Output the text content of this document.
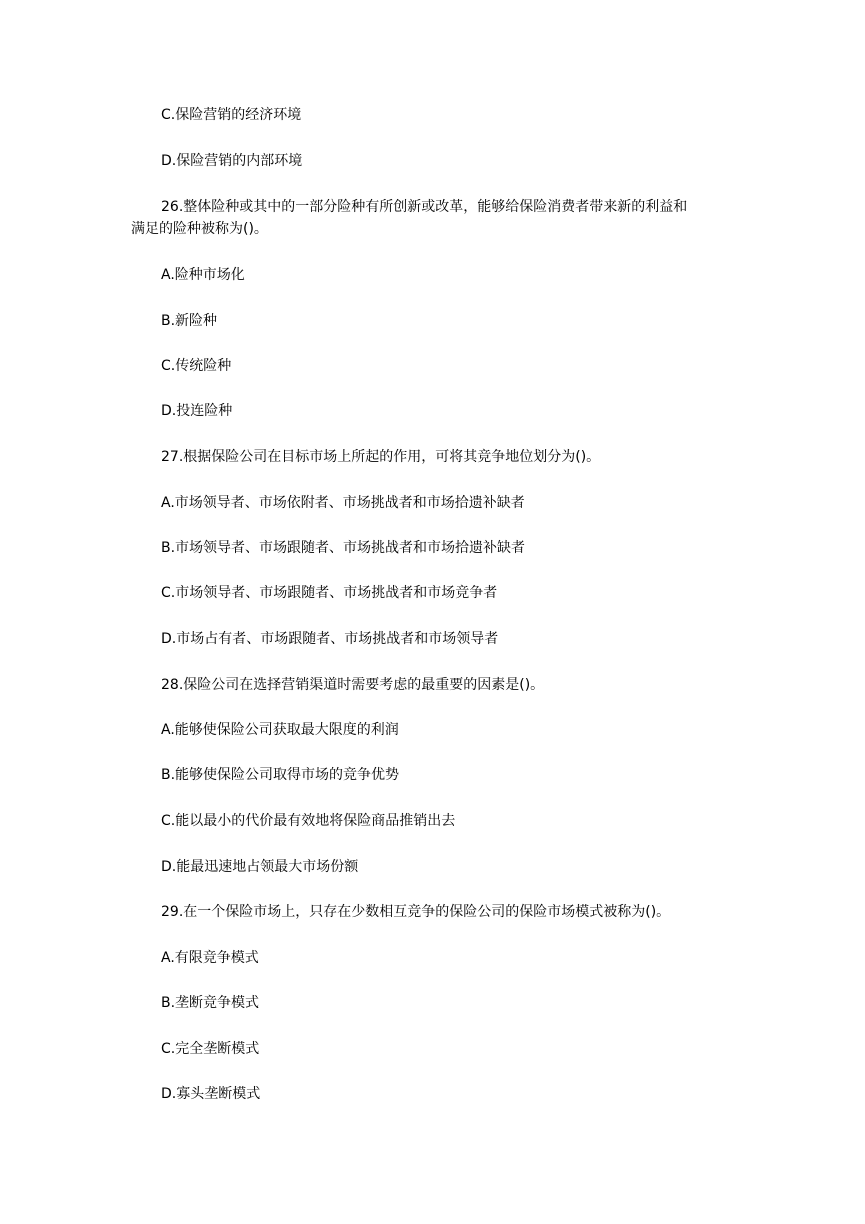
C.保险营销的经济环境

D.保险营销的内部环境

26.整体险种或其中的一部分险种有所创新或改革，能够给保险消费者带来新的利益和

满足的险种被称为()。

A.险种市场化

B.新险种

C.传统险种

D.投连险种

27.根据保险公司在目标市场上所起的作用，可将其竞争地位划分为()。

A.市场领导者、市场依附者、市场挑战者和市场拾遗补缺者

B.市场领导者、市场跟随者、市场挑战者和市场拾遗补缺者

C.市场领导者、市场跟随者、市场挑战者和市场竞争者

D.市场占有者、市场跟随者、市场挑战者和市场领导者

28.保险公司在选择营销渠道时需要考虑的最重要的因素是()。

A.能够使保险公司获取最大限度的利润

B.能够使保险公司取得市场的竞争优势

C.能以最小的代价最有效地将保险商品推销出去

D.能最迅速地占领最大市场份额

29.在一个保险市场上，只存在少数相互竞争的保险公司的保险市场模式被称为()。

A.有限竞争模式

B.垄断竞争模式

C.完全垄断模式

D.寡头垄断模式
